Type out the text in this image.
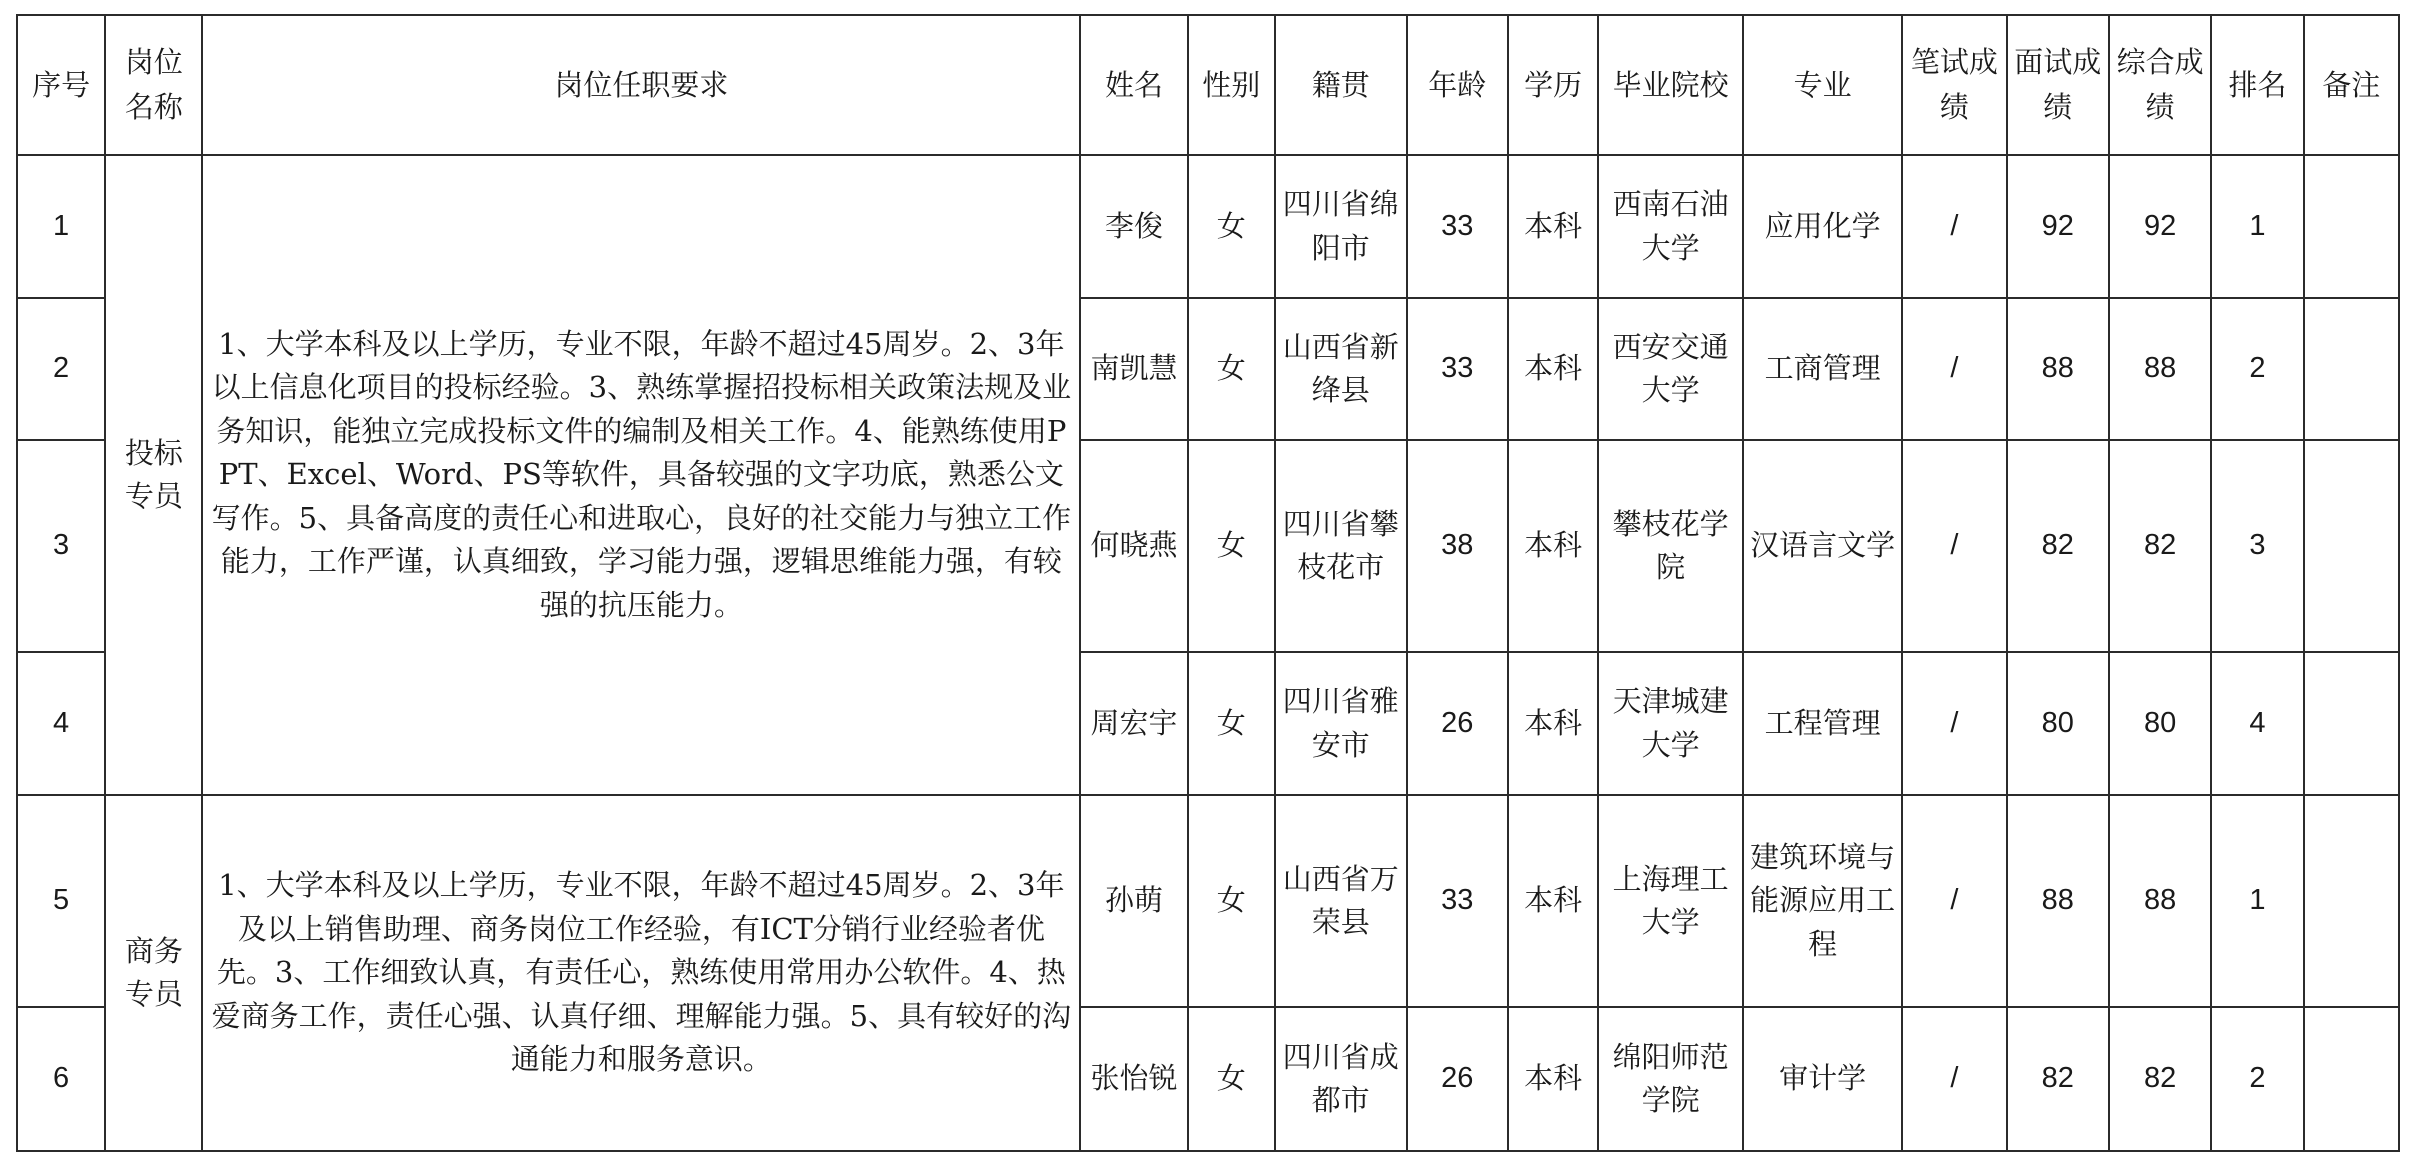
序号	岗位名称	岗位任职要求	姓名	性别	籍贯	年龄	学历	毕业院校	专业	笔试成绩	面试成绩	综合成绩	排名	备注
1	投标专员	1、大学本科及以上学历，专业不限，年龄不超过45周岁。2、3年以上信息化项目的投标经验。3、熟练掌握招投标相关政策法规及业务知识，能独立完成投标文件的编制及相关工作。4、能熟练使用PPT、Excel、Word、PS等软件，具备较强的文字功底，熟悉公文写作。5、具备高度的责任心和进取心，良好的社交能力与独立工作能力，工作严谨，认真细致，学习能力强，逻辑思维能力强，有较强的抗压能力。	李俊	女	四川省绵阳市	33	本科	西南石油大学	应用化学	/	92	92	1	
2			南凯慧	女	山西省新绛县	33	本科	西安交通大学	工商管理	/	88	88	2	
3			何晓燕	女	四川省攀枝花市	38	本科	攀枝花学院	汉语言文学	/	82	82	3	
4			周宏宇	女	四川省雅安市	26	本科	天津城建大学	工程管理	/	80	80	4	
5	商务专员	1、大学本科及以上学历，专业不限，年龄不超过45周岁。2、3年及以上销售助理、商务岗位工作经验，有ICT分销行业经验者优先。3、工作细致认真，有责任心，熟练使用常用办公软件。4、热爱商务工作，责任心强、认真仔细、理解能力强。5、具有较好的沟通能力和服务意识。	孙萌	女	山西省万荣县	33	本科	上海理工大学	建筑环境与能源应用工程	/	88	88	1	
6			张怡锐	女	四川省成都市	26	本科	绵阳师范学院	审计学	/	82	82	2	
